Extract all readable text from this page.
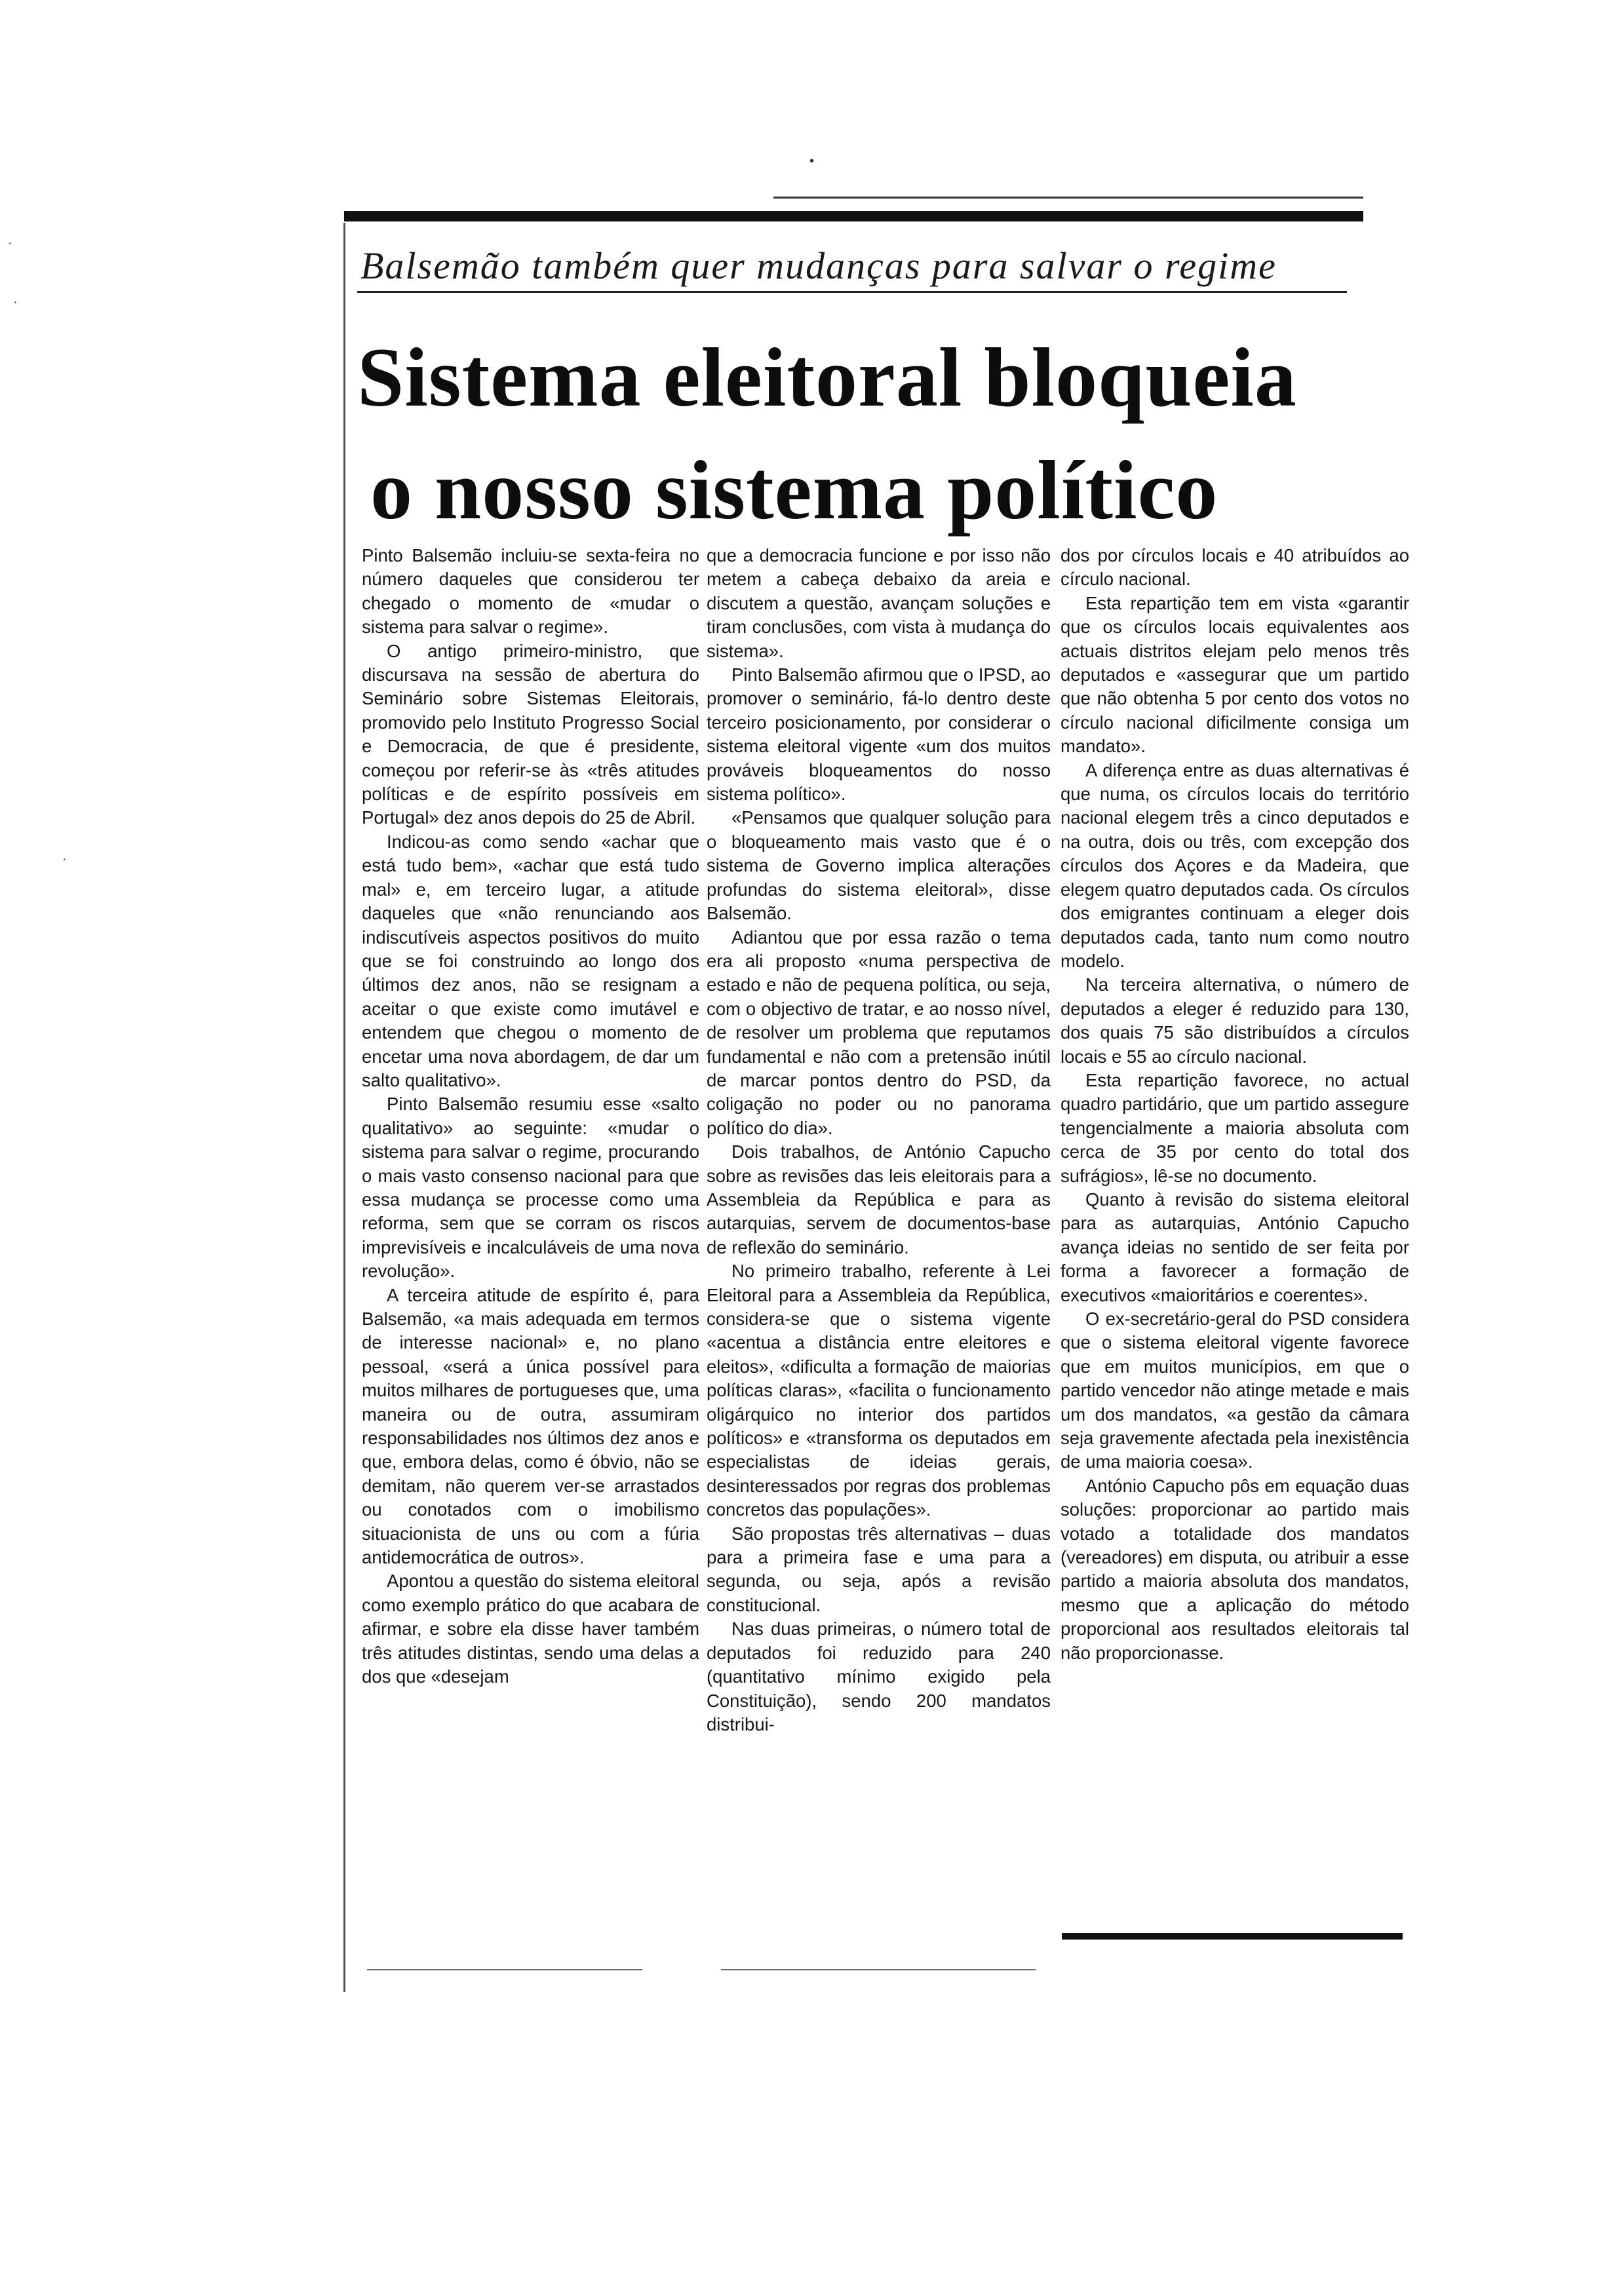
Balsemão também quer mudanças para salvar o regime
Sistema eleitoral bloqueia
o nosso sistema político

Pinto Balsemão incluiu-se sexta-feira no número daqueles que considerou ter chegado o momento de «mudar o sistema para salvar o regime».

O antigo primeiro-ministro, que discursava na sessão de abertura do Seminário sobre Sistemas Eleitorais, promovido pelo Instituto Progresso Social e Democracia, de que é presidente, começou por referir-se às «três atitudes políticas e de espírito possíveis em Portugal» dez anos depois do 25 de Abril.

Indicou-as como sendo «achar que está tudo bem», «achar que está tudo mal» e, em terceiro lugar, a atitude daqueles que «não renunciando aos indiscutíveis aspectos positivos do muito que se foi construindo ao longo dos últimos dez anos, não se resignam a aceitar o que existe como imutável e entendem que chegou o momento de encetar uma nova abordagem, de dar um salto qualitativo».

Pinto Balsemão resumiu esse «salto qualitativo» ao seguinte: «mudar o sistema para salvar o regime, procurando o mais vasto consenso nacional para que essa mudança se processe como uma reforma, sem que se corram os riscos imprevisíveis e incalculáveis de uma nova revolução».

A terceira atitude de espírito é, para Balsemão, «a mais adequada em termos de interesse nacional» e, no plano pessoal, «será a única possível para muitos milhares de portugueses que, uma maneira ou de outra, assumiram responsabilidades nos últimos dez anos e que, embora delas, como é óbvio, não se demitam, não querem ver-se arrastados ou conotados com o imobilismo situacionista de uns ou com a fúria antidemocrática de outros».

Apontou a questão do sistema eleitoral como exemplo prático do que acabara de afirmar, e sobre ela disse haver também três atitudes distintas, sendo uma delas a dos que «desejam

que a democracia funcione e por isso não metem a cabeça debaixo da areia e discutem a questão, avançam soluções e tiram conclusões, com vista à mudança do sistema».

Pinto Balsemão afirmou que o IPSD, ao promover o seminário, fá-lo dentro deste terceiro posicionamento, por considerar o sistema eleitoral vigente «um dos muitos prováveis bloqueamentos do nosso sistema político».

«Pensamos que qualquer solução para o bloqueamento mais vasto que é o sistema de Governo implica alterações profundas do sistema eleitoral», disse Balsemão.

Adiantou que por essa razão o tema era ali proposto «numa perspectiva de estado e não de pequena política, ou seja, com o objectivo de tratar, e ao nosso nível, de resolver um problema que reputamos fundamental e não com a pretensão inútil de marcar pontos dentro do PSD, da coligação no poder ou no panorama político do dia».

Dois trabalhos, de António Capucho sobre as revisões das leis eleitorais para a Assembleia da República e para as autarquias, servem de documentos-base de reflexão do seminário.

No primeiro trabalho, referente à Lei Eleitoral para a Assembleia da República, considera-se que o sistema vigente «acentua a distância entre eleitores e eleitos», «dificulta a formação de maiorias políticas claras», «facilita o funcionamento oligárquico no interior dos partidos políticos» e «transforma os deputados em especialistas de ideias gerais, desinteressados por regras dos problemas concretos das populações».

São propostas três alternativas – duas para a primeira fase e uma para a segunda, ou seja, após a revisão constitucional.

Nas duas primeiras, o número total de deputados foi reduzido para 240 (quantitativo mínimo exigido pela Constituição), sendo 200 mandatos distribui-

dos por círculos locais e 40 atribuídos ao círculo nacional.

Esta repartição tem em vista «garantir que os círculos locais equivalentes aos actuais distritos elejam pelo menos três deputados e «assegurar que um partido que não obtenha 5 por cento dos votos no círculo nacional dificilmente consiga um mandato».

A diferença entre as duas alternativas é que numa, os círculos locais do território nacional elegem três a cinco deputados e na outra, dois ou três, com excepção dos círculos dos Açores e da Madeira, que elegem quatro deputados cada. Os círculos dos emigrantes continuam a eleger dois deputados cada, tanto num como noutro modelo.

Na terceira alternativa, o número de deputados a eleger é reduzido para 130, dos quais 75 são distribuídos a círculos locais e 55 ao círculo nacional.

Esta repartição favorece, no actual quadro partidário, que um partido assegure tengencialmente a maioria absoluta com cerca de 35 por cento do total dos sufrágios», lê-se no documento.

Quanto à revisão do sistema eleitoral para as autarquias, António Capucho avança ideias no sentido de ser feita por forma a favorecer a formação de executivos «maioritários e coerentes».

O ex-secretário-geral do PSD considera que o sistema eleitoral vigente favorece que em muitos municípios, em que o partido vencedor não atinge metade e mais um dos mandatos, «a gestão da câmara seja gravemente afectada pela inexistência de uma maioria coesa».

António Capucho pôs em equação duas soluções: proporcionar ao partido mais votado a totalidade dos mandatos (vereadores) em disputa, ou atribuir a esse partido a maioria absoluta dos mandatos, mesmo que a aplicação do método proporcional aos resultados eleitorais tal não proporcionasse.

•
·
·
·
